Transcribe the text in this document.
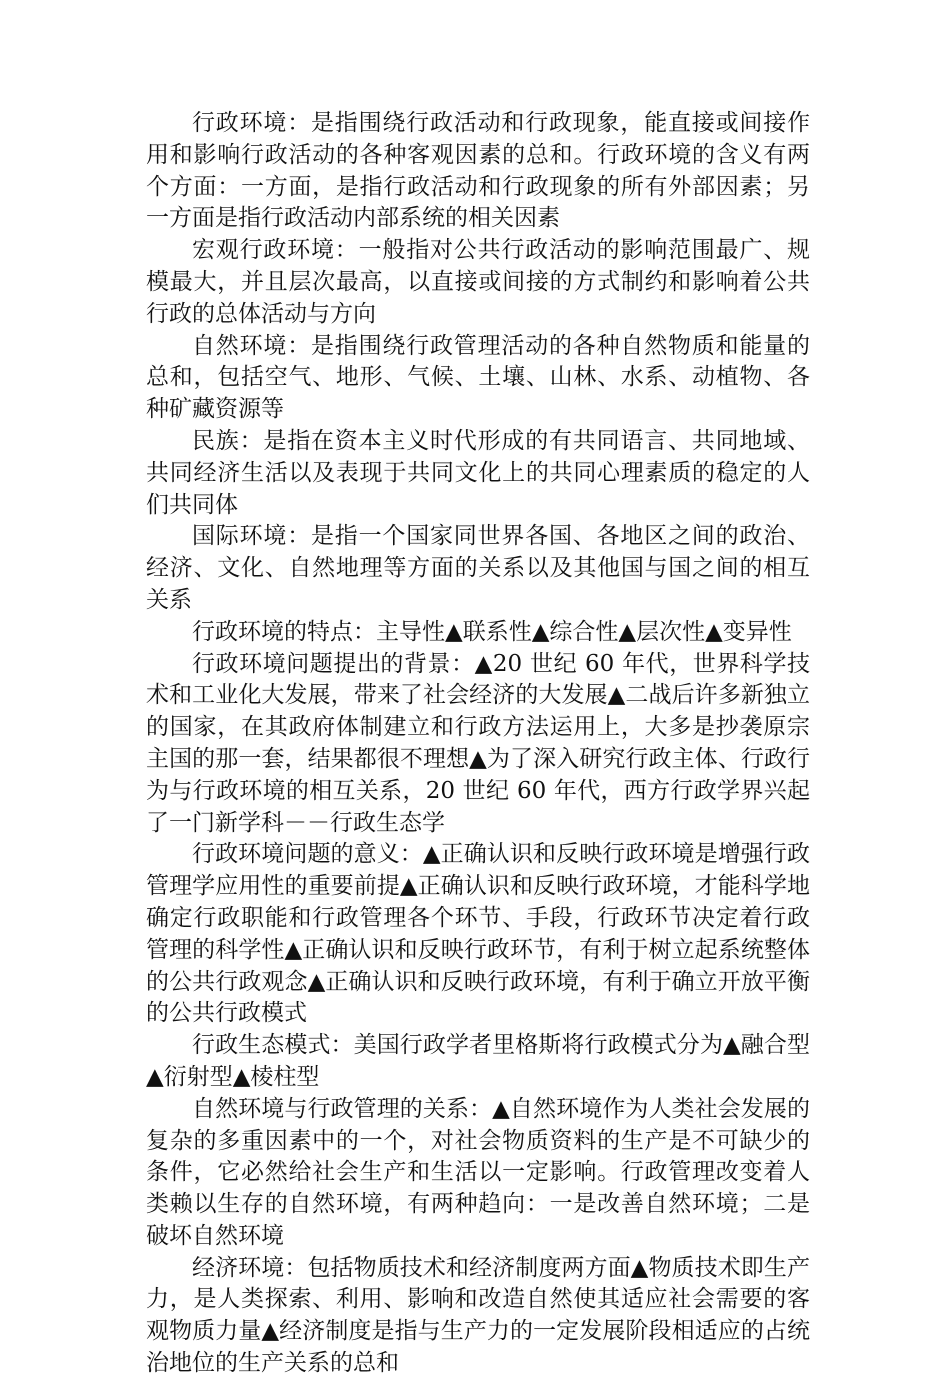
行政环境：是指围绕行政活动和行政现象，能直接或间接作用和影响行政活动的各种客观因素的总和。行政环境的含义有两个方面：一方面，是指行政活动和行政现象的所有外部因素；另一方面是指行政活动内部系统的相关因素

宏观行政环境：一般指对公共行政活动的影响范围最广、规模最大，并且层次最高，以直接或间接的方式制约和影响着公共行政的总体活动与方向

自然环境：是指围绕行政管理活动的各种自然物质和能量的总和，包括空气、地形、气候、土壤、山林、水系、动植物、各种矿藏资源等

民族：是指在资本主义时代形成的有共同语言、共同地域、共同经济生活以及表现于共同文化上的共同心理素质的稳定的人们共同体

国际环境：是指一个国家同世界各国、各地区之间的政治、经济、文化、自然地理等方面的关系以及其他国与国之间的相互关系

行政环境的特点：主导性▲联系性▲综合性▲层次性▲变异性

行政环境问题提出的背景：▲20 世纪 60 年代，世界科学技术和工业化大发展，带来了社会经济的大发展▲二战后许多新独立的国家，在其政府体制建立和行政方法运用上，大多是抄袭原宗主国的那一套，结果都很不理想▲为了深入研究行政主体、行政行为与行政环境的相互关系，20 世纪 60 年代，西方行政学界兴起了一门新学科－－行政生态学

行政环境问题的意义：▲正确认识和反映行政环境是增强行政管理学应用性的重要前提▲正确认识和反映行政环境，才能科学地确定行政职能和行政管理各个环节、手段，行政环节决定着行政管理的科学性▲正确认识和反映行政环节，有利于树立起系统整体的公共行政观念▲正确认识和反映行政环境，有利于确立开放平衡的公共行政模式

行政生态模式：美国行政学者里格斯将行政模式分为▲融合型▲衍射型▲棱柱型

自然环境与行政管理的关系：▲自然环境作为人类社会发展的复杂的多重因素中的一个，对社会物质资料的生产是不可缺少的条件，它必然给社会生产和生活以一定影响。行政管理改变着人类赖以生存的自然环境，有两种趋向：一是改善自然环境；二是破坏自然环境

经济环境：包括物质技术和经济制度两方面▲物质技术即生产力，是人类探索、利用、影响和改造自然使其适应社会需要的客观物质力量▲经济制度是指与生产力的一定发展阶段相适应的占统治地位的生产关系的总和
